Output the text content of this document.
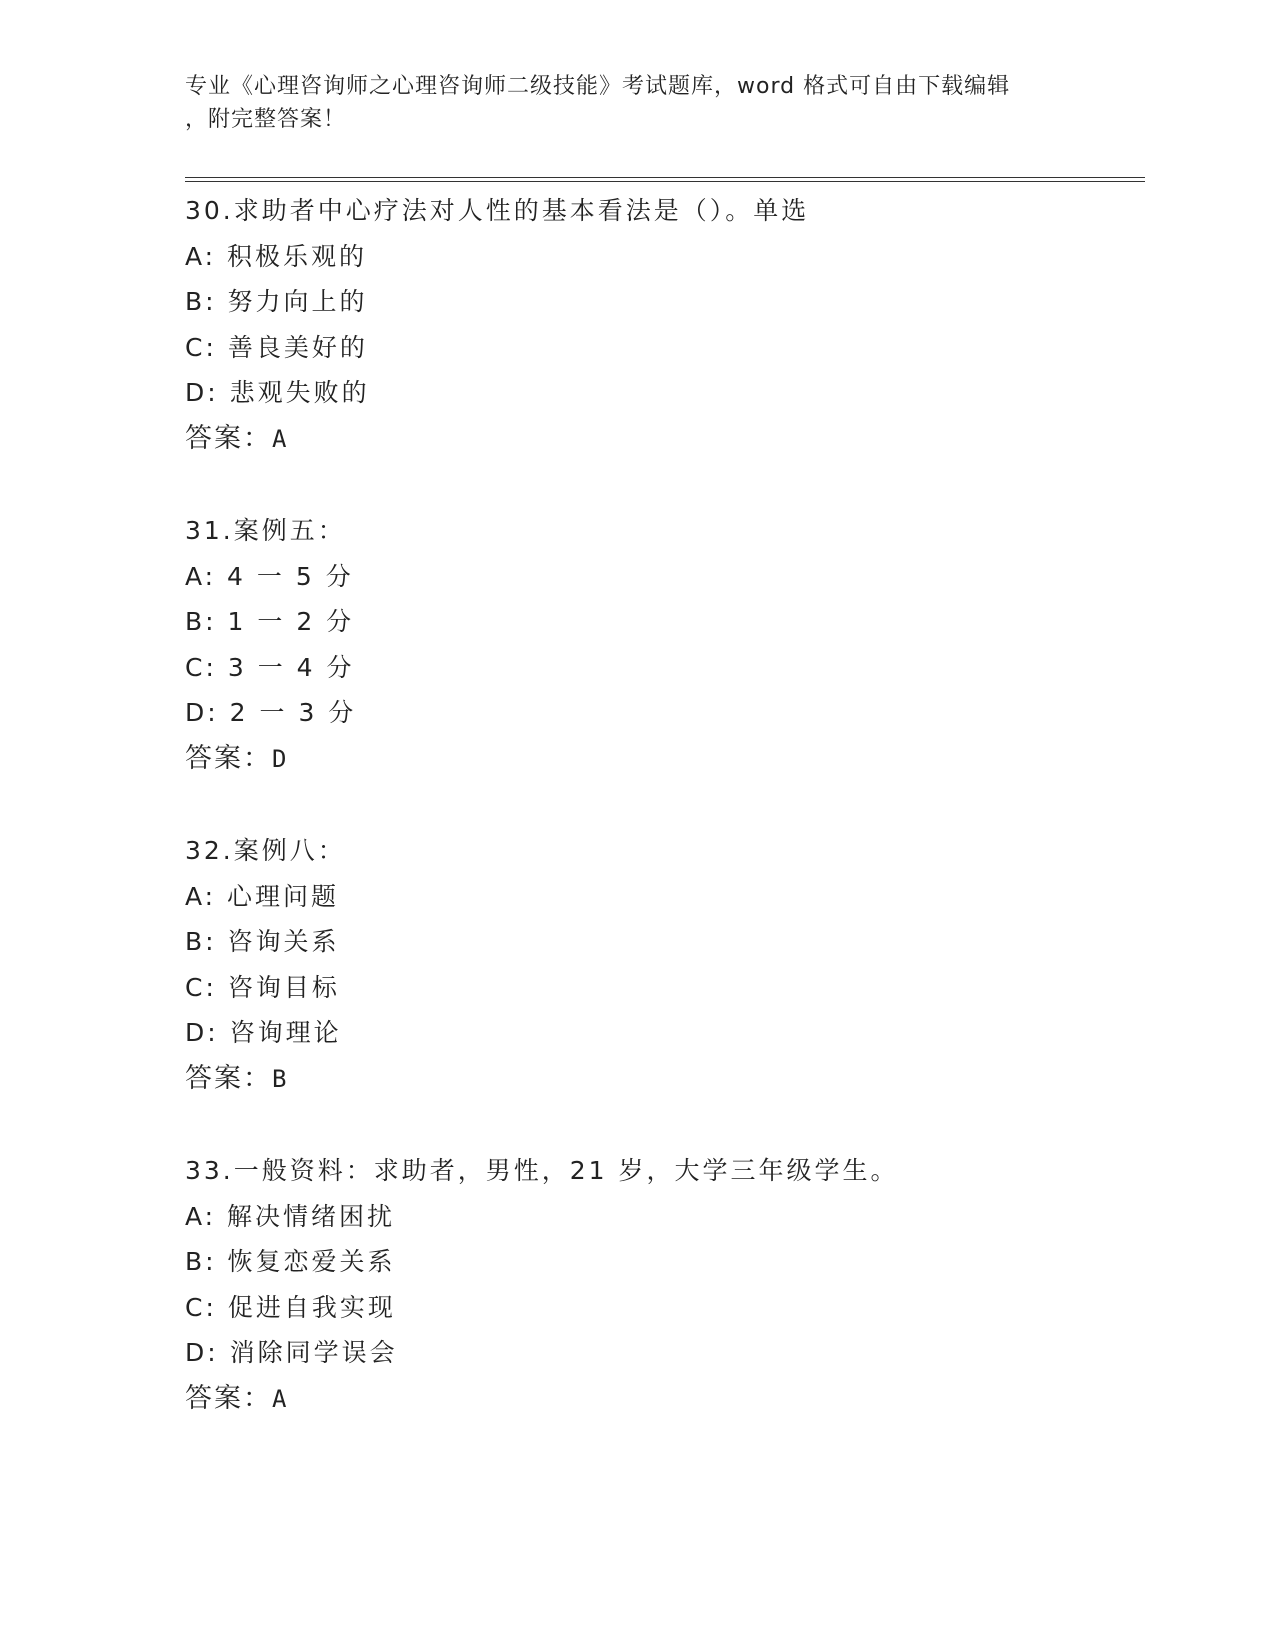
专业《心理咨询师之心理咨询师二级技能》考试题库，word 格式可自由下载编辑
，附完整答案！
30.求助者中心疗法对人性的基本看法是（）。单选
A: 积极乐观的
B: 努力向上的
C: 善良美好的
D: 悲观失败的
答案：A
31.案例五：
A: 4 一 5 分
B: 1 一 2 分
C: 3 一 4 分
D: 2 一 3 分
答案：D
32.案例八：
A: 心理问题
B: 咨询关系
C: 咨询目标
D: 咨询理论
答案：B
33.一般资料：求助者，男性，21 岁，大学三年级学生。
A: 解决情绪困扰
B: 恢复恋爱关系
C: 促进自我实现
D: 消除同学误会
答案：A
